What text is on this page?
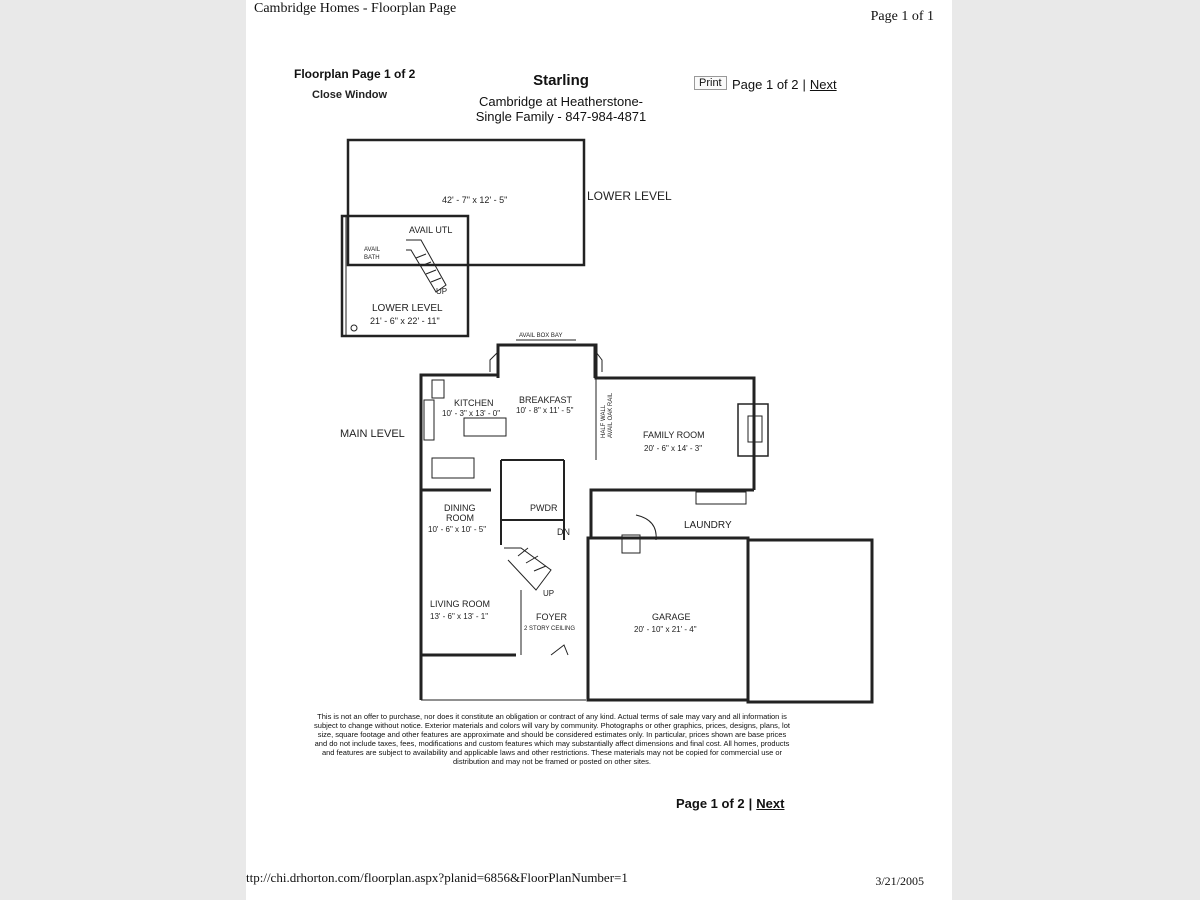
Cambridge Homes - Floorplan Page
Page 1 of 1
Floorplan Page 1 of 2
Close Window
Starling
Cambridge at Heatherstone-
Single Family - 847-984-4871
Print Page 1 of 2 | Next
42' - 7" x 12' - 5"	LOWER LEVEL
AVAIL UTL
AVAIL
BATH
UP
LOWER LEVEL
21' - 6" x 22' - 11"
AVAIL BOX BAY
MAIN LEVEL
KITCHEN
10' - 3" x 13' - 0"
BREAKFAST
10' - 8" x 11' - 5"	HALF WALL AVAIL OAK RAIL	FAMILY ROOM
20' - 6" x 14' - 3"
DINING
ROOM
10' - 6" x 10' - 5"
PWDR
DN
LAUNDRY
UP
LIVING ROOM
13' - 6" x 13' - 1"	FOYER
2 STORY CEILING
GARAGE
20' - 10" x 21' - 4"
This is not an offer to purchase, nor does it constitute an obligation or contract of any kind. Actual terms of sale may vary and all information is subject to change without notice. Exterior materials and colors will vary by community. Photographs or other graphics, prices, designs, plans, lot size, square footage and other features are approximate and should be considered estimates only. In particular, prices shown are base prices and do not include taxes, fees, modifications and custom features which may substantially affect dimensions and final cost. All homes, products and features are subject to availability and applicable laws and other restrictions. These materials may not be copied for commercial use or distribution and may not be framed or posted on other sites.
Page 1 of 2 | Next
ttp://chi.drhorton.com/floorplan.aspx?planid=6856&FloorPlanNumber=1	3/21/2005
